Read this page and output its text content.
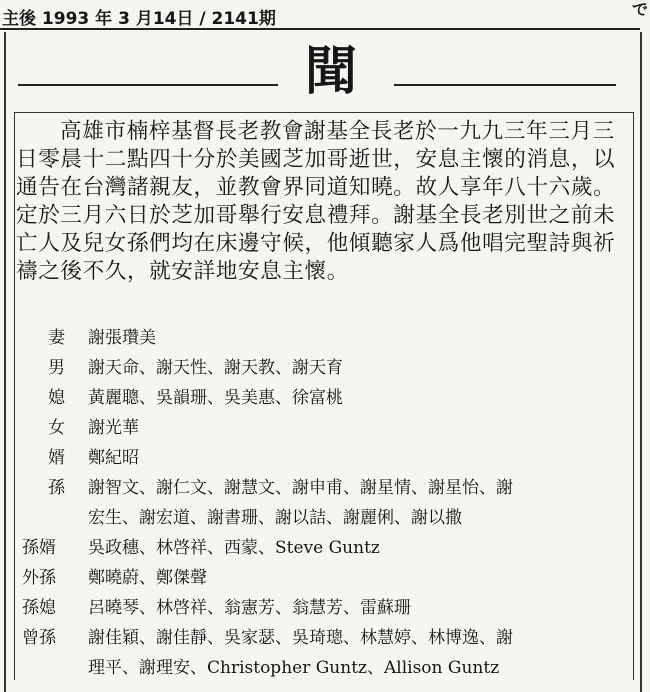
主後 1993 年 3 月14日 / 2141期	で
聞

高雄市楠梓基督長老教會謝基全長老於一九九三年三月三日零晨十二點四十分於美國芝加哥逝世，安息主懷的消息，以通告在台灣諸親友，並教會界同道知曉。故人享年八十六歲。定於三月六日於芝加哥舉行安息禮拜。謝基全長老別世之前未亡人及兒女孫們均在床邊守候，他傾聽家人爲他唱完聖詩與祈禱之後不久，就安詳地安息主懷。

妻	謝張瓚美
男	謝天命、謝天性、謝天教、謝天育
媳	黃麗聰、吳韻珊、吳美惠、徐富桃
女	謝光華
婿	鄭紀昭
孫	謝智文、謝仁文、謝慧文、謝申甫、謝星情、謝星怡、謝
宏生、謝宏道、謝書珊、謝以詰、謝麗俐、謝以撒
孫婿	吳政穗、林啓祥、西蒙、Steve Guntz
外孫	鄭曉蔚、鄭傑聲
孫媳	呂曉琴、林啓祥、翁憲芳、翁慧芳、雷蘇珊
曾孫	謝佳穎、謝佳靜、吳家瑟、吳琦璁、林慧婷、林博逸、謝
理平、謝理安、Christopher Guntz、Allison Guntz
